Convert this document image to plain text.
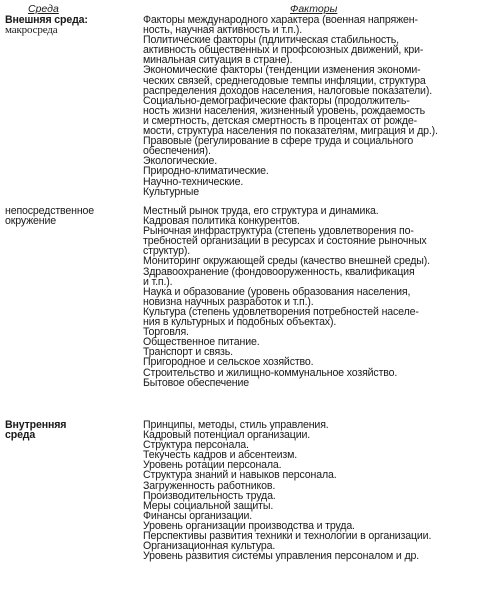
Среда	Факторы
Внешняя среда:
макросреда
Факторы международного характера (военная напряжен-
ность, научная активность и т.п.).
Политические факторы (пдлитическая стабильность,
активность общественных и профсоюзных движений, кри-
минальная ситуация в стране).
Экономические факторы (тенденции изменения экономи-
ческих связей, среднегодовые темпы инфляции, структура
распределения доходов населения, налоговые показатели).
Социально-демографические факторы (продолжитель-
ность жизни населения, жизненный уровень, рождаемость
и смертность, детская смертность в процентах от рожде-
мости, структура населения по показателям, миграция и др.).
Правовые (регулирование в сфере труда и социального
обеспечения).
Экологические.
Природно-климатические.
Научно-технические.
Культурные
непосредственное
окружение
Местный рынок труда, его структура и динамика.
Кадровая политика конкурентов.
Рыночная инфраструктура (степень удовлетворения по-
требностей организации в ресурсах и состояние рыночных
структур).
Мониторинг окружающей среды (качество внешней среды).
Здравоохранение (фондовооруженность, квалификация
и т.п.).
Наука и образование (уровень образования населения,
новизна научных разработок и т.п.).
Культура (степень удовлетворения потребностей населе-
ния в культурных и подобных объектах).
Торговля.
Общественное питание.
Транспорт и связь.
Пригородное и сельское хозяйство.
Строительство и жилищно-коммунальное хозяйство.
Бытовое обеспечение
Внутренняя
среда
Принципы, методы, стиль управления.
Кадровый потенциал организации.
Структура персонала.
Текучесть кадров и абсентеизм.
Уровень ротации персонала.
Структура знаний и навыков персонала.
Загруженность работников.
Производительность труда.
Меры социальной защиты.
Финансы организации.
Уровень организации производства и труда.
Перспективы развития техники и технологии в организации.
Организационная культура.
Уровень развития системы управления персоналом и др.
